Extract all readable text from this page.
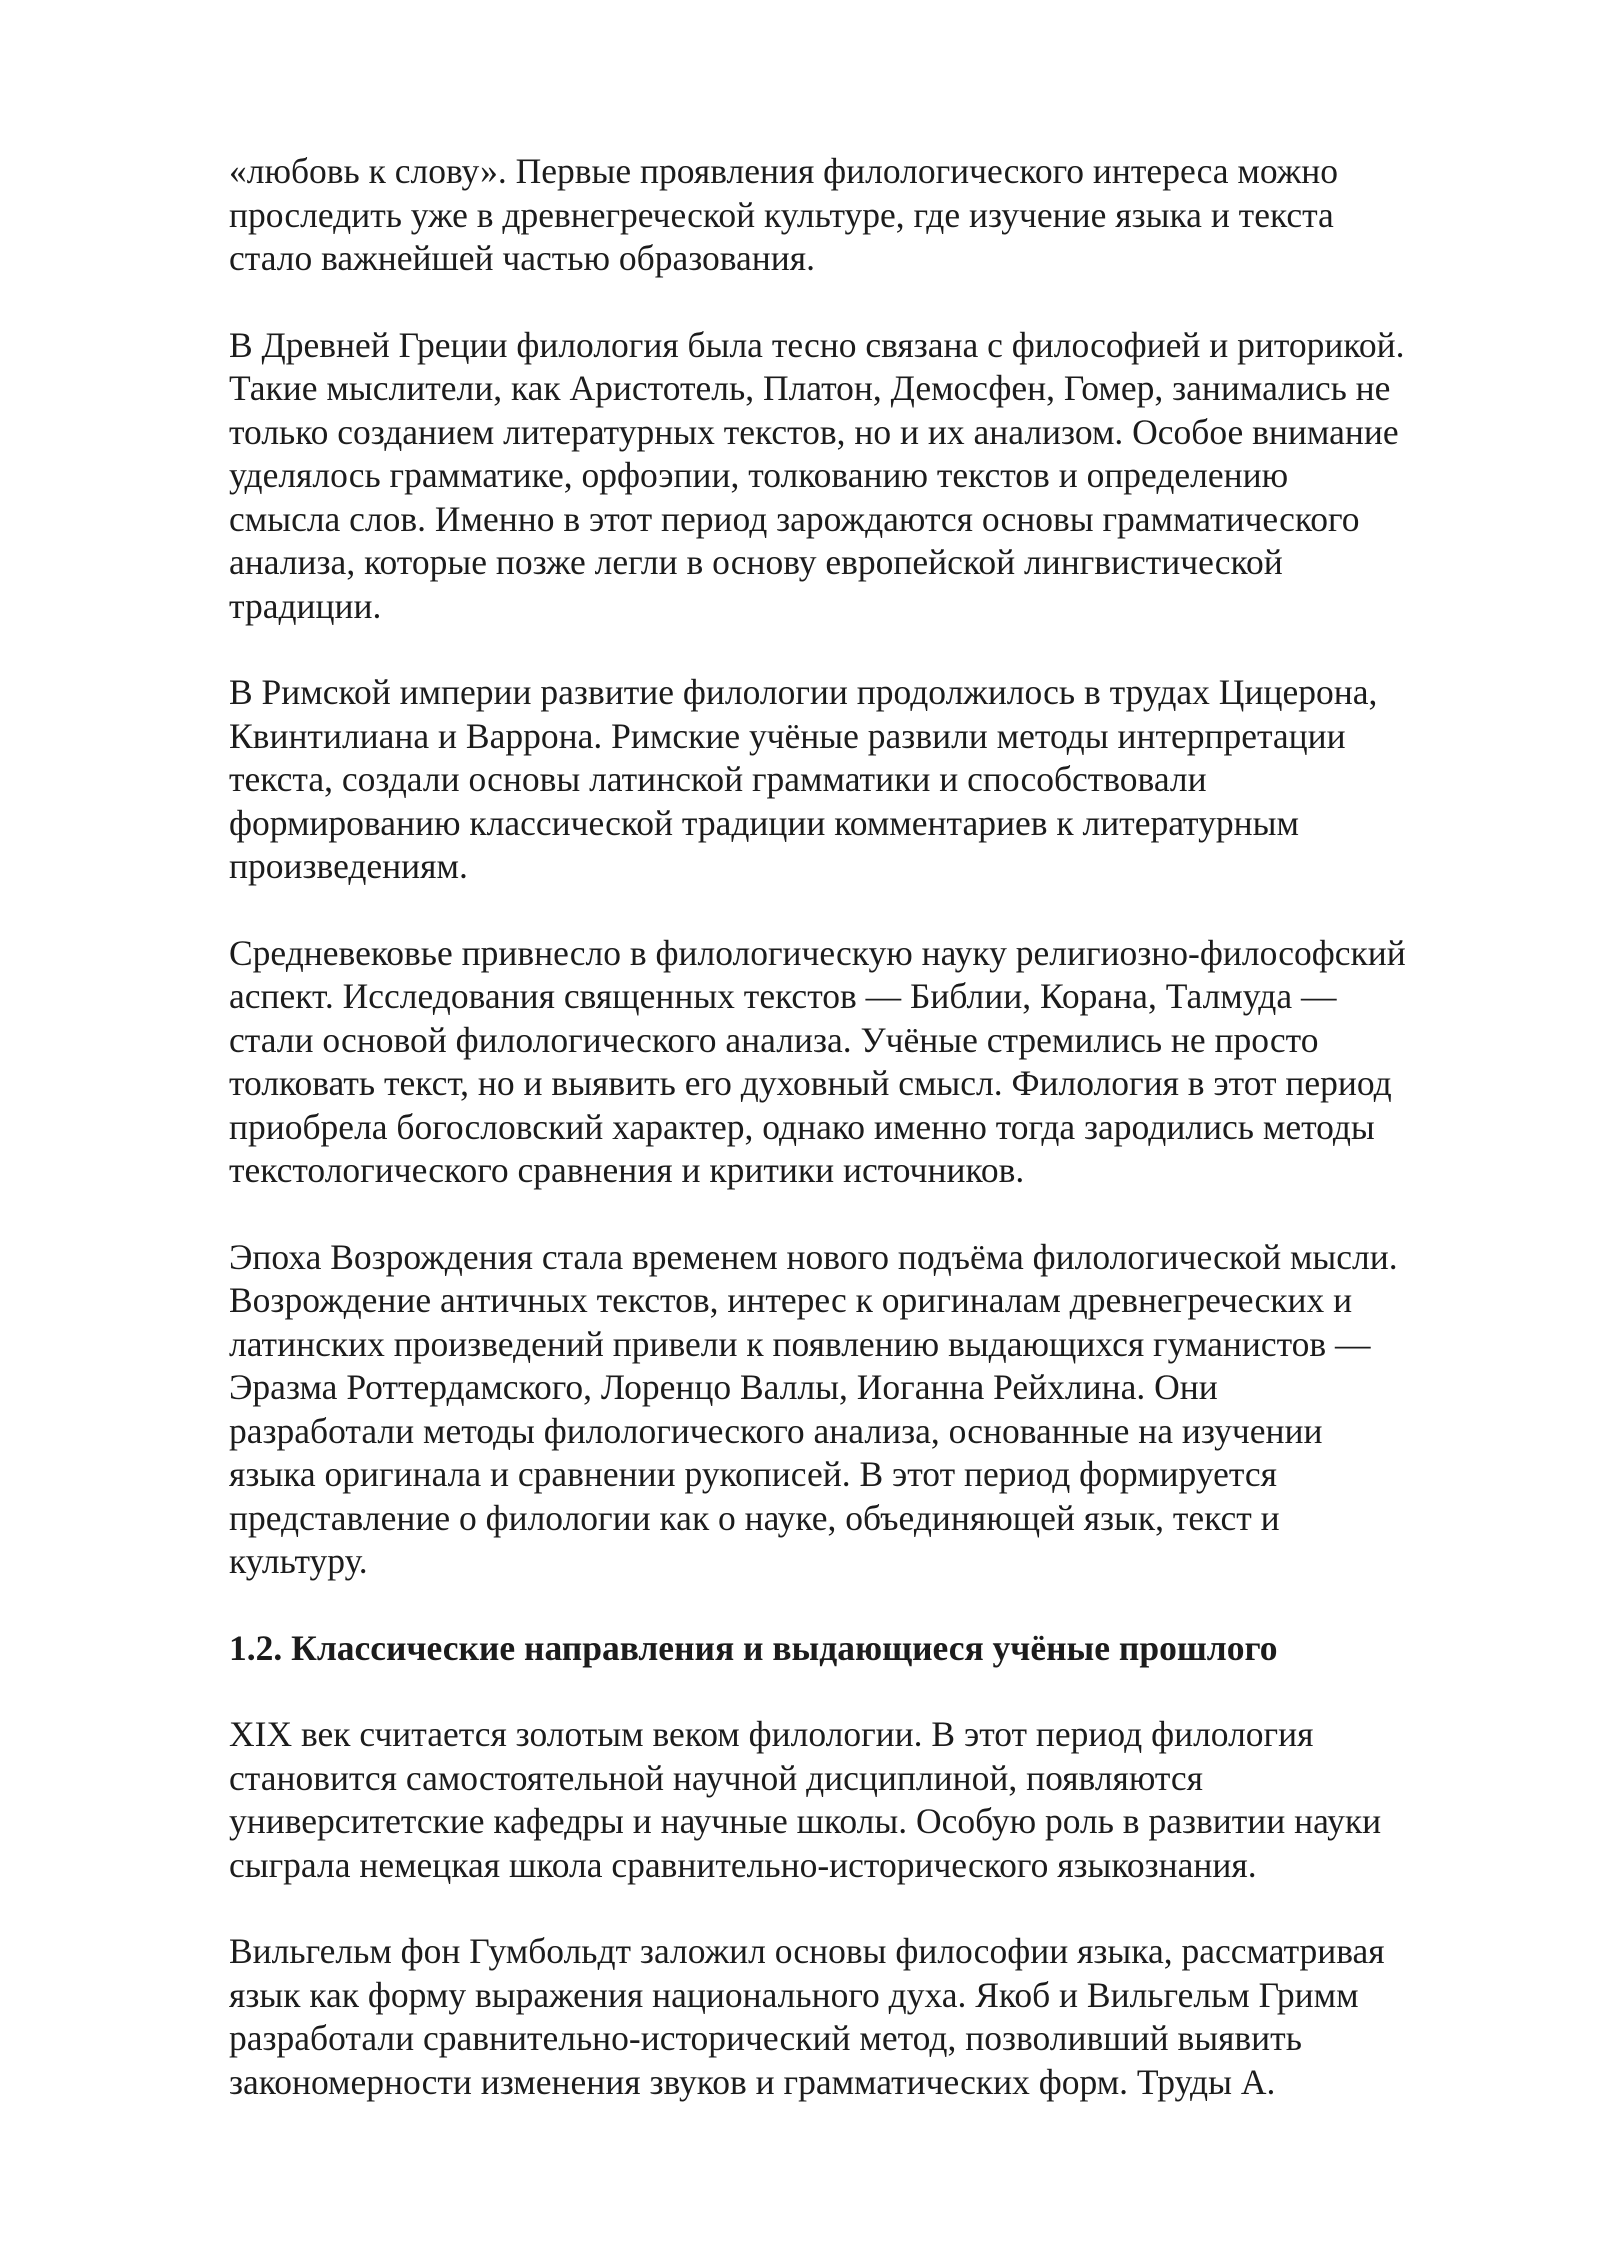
«любовь к слову». Первые проявления филологического интереса можно
проследить уже в древнегреческой культуре, где изучение языка и текста
стало важнейшей частью образования.

В Древней Греции филология была тесно связана с философией и риторикой.
Такие мыслители, как Аристотель, Платон, Демосфен, Гомер, занимались не
только созданием литературных текстов, но и их анализом. Особое внимание
уделялось грамматике, орфоэпии, толкованию текстов и определению
смысла слов. Именно в этот период зарождаются основы грамматического
анализа, которые позже легли в основу европейской лингвистической
традиции.

В Римской империи развитие филологии продолжилось в трудах Цицерона,
Квинтилиана и Варрона. Римские учёные развили методы интерпретации
текста, создали основы латинской грамматики и способствовали
формированию классической традиции комментариев к литературным
произведениям.

Средневековье привнесло в филологическую науку религиозно-философский
аспект. Исследования священных текстов — Библии, Корана, Талмуда —
стали основой филологического анализа. Учёные стремились не просто
толковать текст, но и выявить его духовный смысл. Филология в этот период
приобрела богословский характер, однако именно тогда зародились методы
текстологического сравнения и критики источников.

Эпоха Возрождения стала временем нового подъёма филологической мысли.
Возрождение античных текстов, интерес к оригиналам древнегреческих и
латинских произведений привели к появлению выдающихся гуманистов —
Эразма Роттердамского, Лоренцо Валлы, Иоганна Рейхлина. Они
разработали методы филологического анализа, основанные на изучении
языка оригинала и сравнении рукописей. В этот период формируется
представление о филологии как о науке, объединяющей язык, текст и
культуру.

1.2. Классические направления и выдающиеся учёные прошлого

XIX век считается золотым веком филологии. В этот период филология
становится самостоятельной научной дисциплиной, появляются
университетские кафедры и научные школы. Особую роль в развитии науки
сыграла немецкая школа сравнительно-исторического языкознания.

Вильгельм фон Гумбольдт заложил основы философии языка, рассматривая
язык как форму выражения национального духа. Якоб и Вильгельм Гримм
разработали сравнительно-исторический метод, позволивший выявить
закономерности изменения звуков и грамматических форм. Труды А.
